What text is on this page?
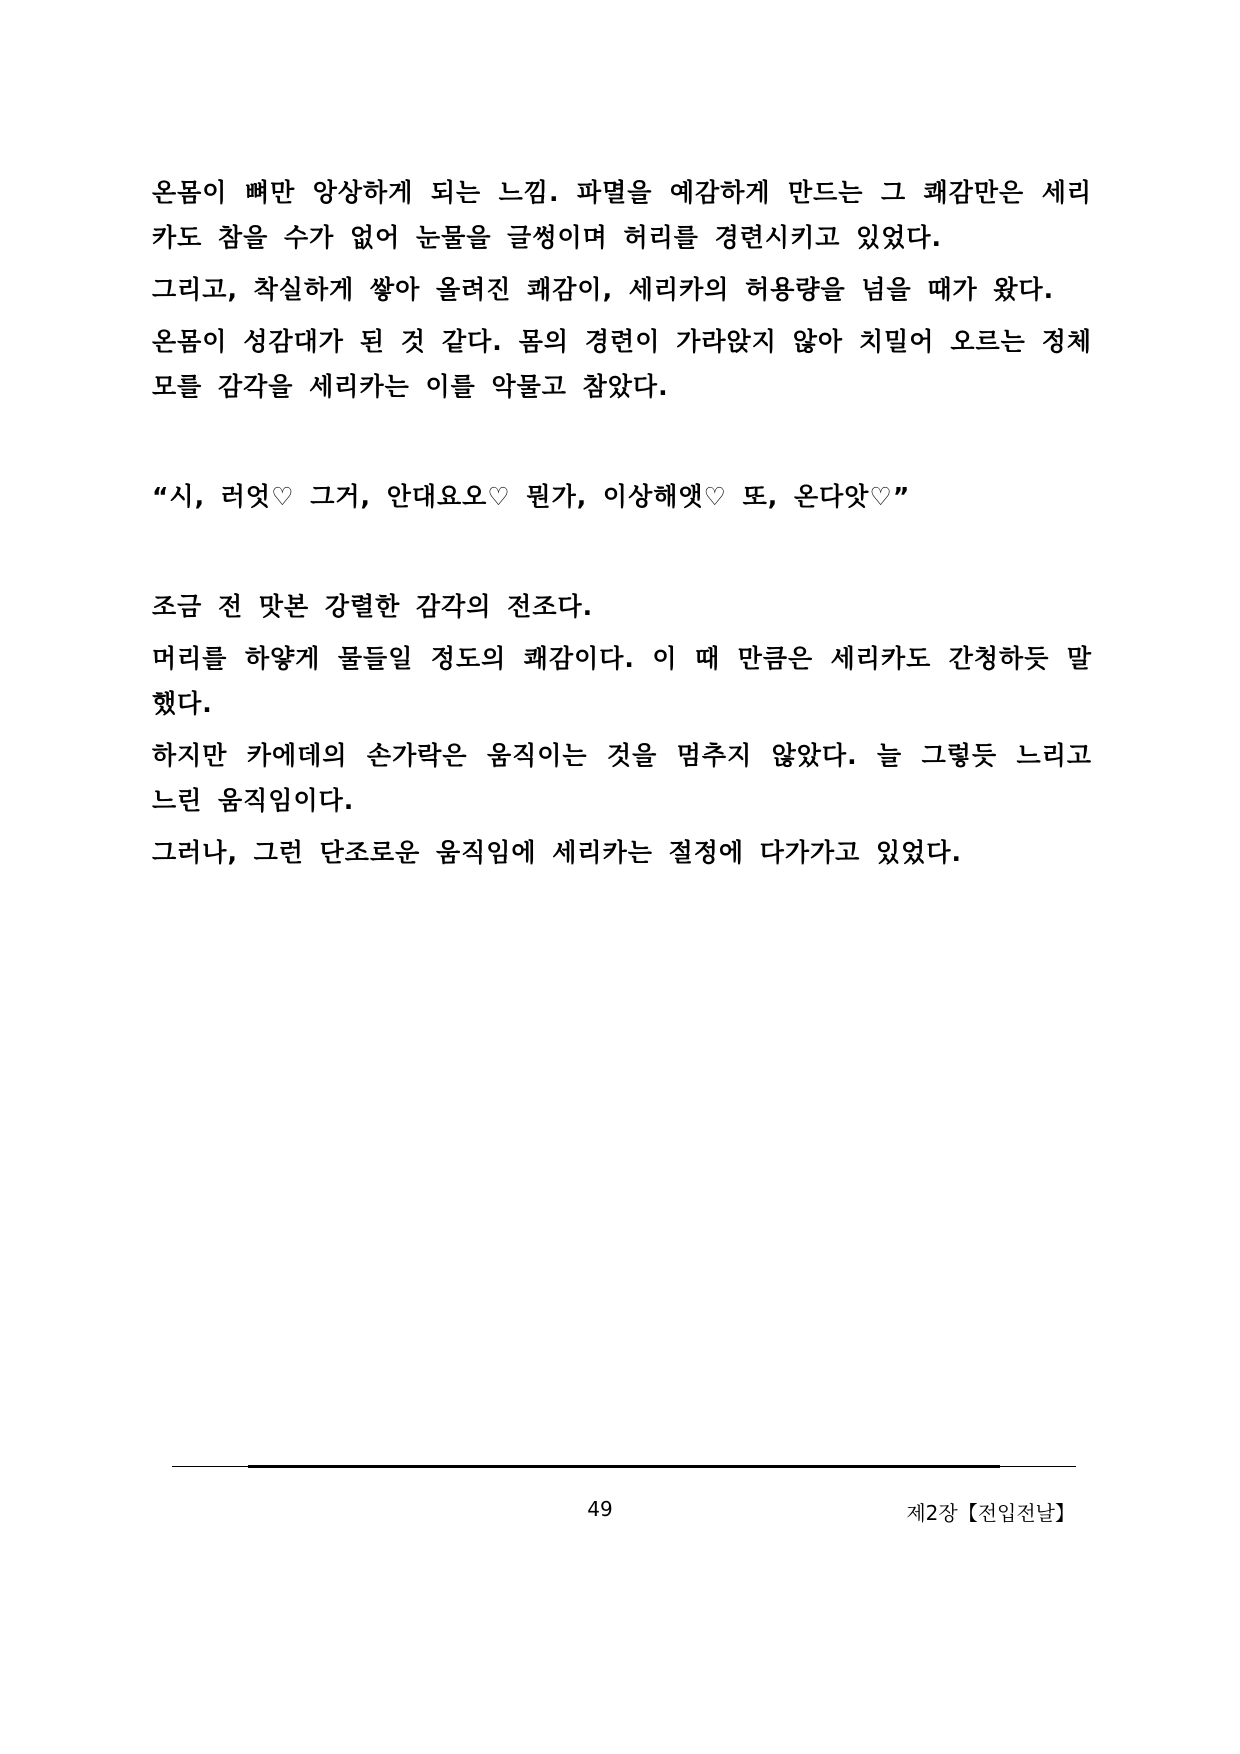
온몸이 뼈만 앙상하게 되는 느낌. 파멸을 예감하게 만드는 그 쾌감만은 세리카도 참을 수가 없어 눈물을 글썽이며 허리를 경련시키고 있었다.

그리고, 착실하게 쌓아 올려진 쾌감이, 세리카의 허용량을 넘을 때가 왔다.

온몸이 성감대가 된 것 같다. 몸의 경련이 가라앉지 않아 치밀어 오르는 정체 모를 감각을 세리카는 이를 악물고 참았다.

“시, 러엇♡ 그거, 안대요오♡ 뭔가, 이상해앳♡ 또, 온다앗♡”

조금 전 맛본 강렬한 감각의 전조다.

머리를 하얗게 물들일 정도의 쾌감이다. 이 때 만큼은 세리카도 간청하듯 말했다.

하지만 카에데의 손가락은 움직이는 것을 멈추지 않았다. 늘 그렇듯 느리고 느린 움직임이다.

그러나, 그런 단조로운 움직임에 세리카는 절정에 다가가고 있었다.

49	제2장【전입전날】
